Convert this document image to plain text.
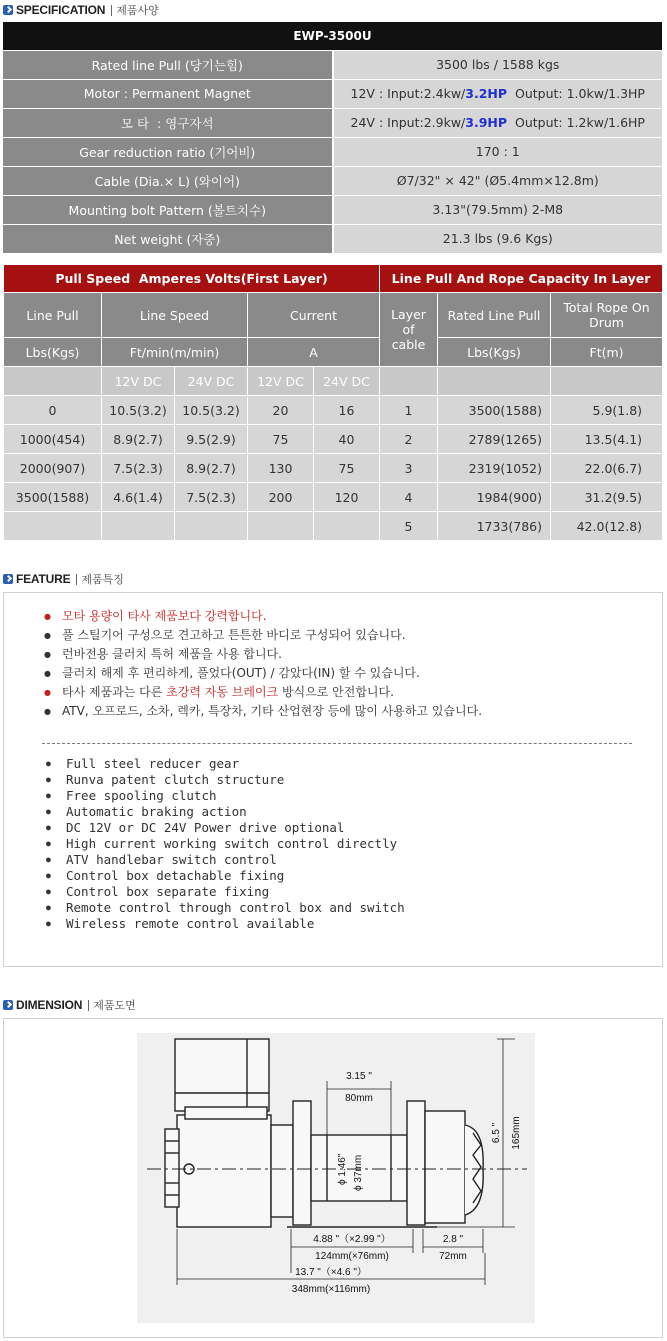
SPECIFICATION 제품사양
EWP-3500U	
Rated line Pull (당기는힘)	3500 lbs / 1588 kgs
Motor : Permanent Magnet	12V : Input:2.4kw/3.2HP  Output: 1.0kw/1.3HP
모 타  : 영구자석	24V : Input:2.9kw/3.9HP  Output: 1.2kw/1.6HP
Gear reduction ratio (기어비)	170 : 1
Cable (Dia.× L) (와이어)	Ø7/32" × 42" (Ø5.4mm×12.8m)
Mounting bolt Pattern (볼트치수)	3.13"(79.5mm) 2-M8
Net weight (자중)	21.3 lbs (9.6 Kgs)
Pull Speed  Amperes Volts(First Layer)					Line Pull And Rope Capacity In Layer		
Line Pull	Line Speed		Current		Layer of cable	Rated Line Pull	Total Rope On Drum
Lbs(Kgs)	Ft/min(m/min)		A			Lbs(Kgs)	Ft(m)
	12V DC	24V DC	12V DC	24V DC			
0	10.5(3.2)	10.5(3.2)	20	16	1	3500(1588)	5.9(1.8)
1000(454)	8.9(2.7)	9.5(2.9)	75	40	2	2789(1265)	13.5(4.1)
2000(907)	7.5(2.3)	8.9(2.7)	130	75	3	2319(1052)	22.0(6.7)
3500(1588)	4.6(1.4)	7.5(2.3)	200	120	4	1984(900)	31.2(9.5)
					5	1733(786)	42.0(12.8)
FEATURE 제품특징
● 모타 용량이 타사 제품보다 강력합니다.
● 풀 스틸기어 구성으로 견고하고 튼튼한 바디로 구성되어 있습니다.
● 런바전용 클러치 특허 제품을 사용 합니다.
● 클러치 해제 후 편리하게, 풀었다(OUT) / 감았다(IN) 할 수 있습니다.
● 타사 제품과는 다른 초강력 자동 브레이크 방식으로 안전합니다.
● ATV, 오프로드, 소차, 렉카, 특장차, 기타 산업현장 등에 많이 사용하고 있습니다.
● Full steel reducer gear
● Runva patent clutch structure
● Free spooling clutch
● Automatic braking action
● DC 12V or DC 24V Power drive optional
● High current working switch control directly
● ATV handlebar switch control
● Control box detachable fixing
● Control box separate fixing
● Remote control through control box and switch
● Wireless remote control available
DIMENSION 제품도면
3.15 "
80mm
ϕ 1.46" ϕ 37mm
6.5 " 165mm
4.88 "（×2.99 "）
124mm(×76mm)
2.8 "
72mm
13.7 "（×4.6 "）
348mm(×116mm)
